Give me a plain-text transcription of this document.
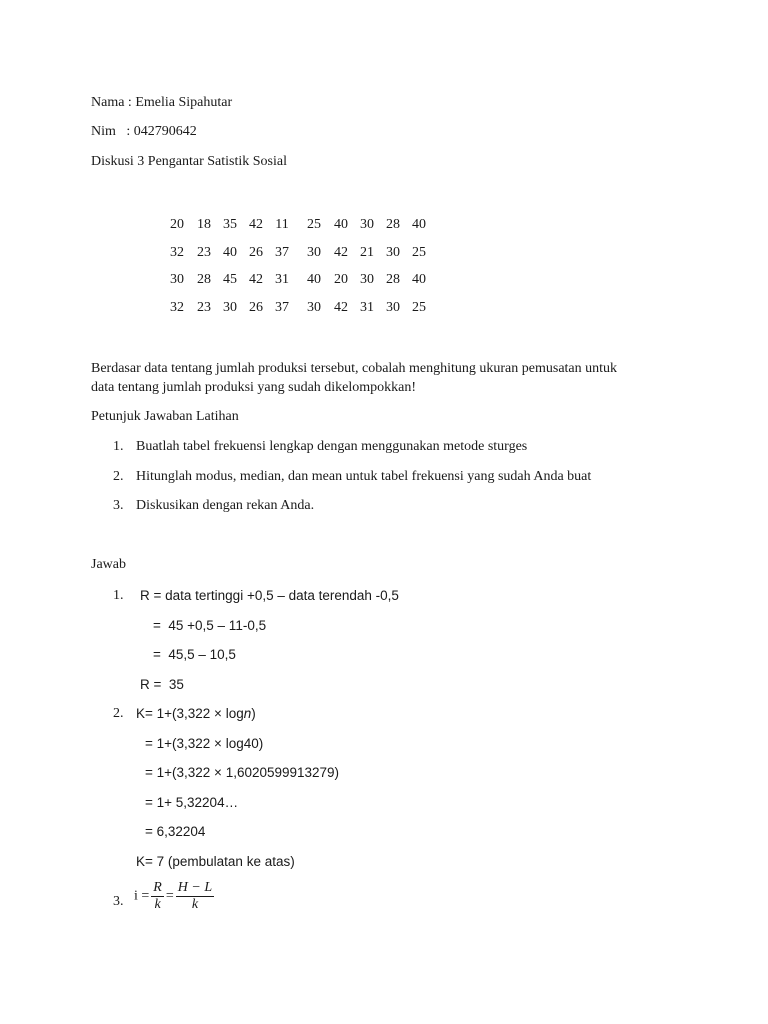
Nama : Emelia Sipahutar
Nim   : 042790642
Diskusi 3 Pengantar Satistik Sosial
20 18 35 42 11	25 40 30 28 40
32 23 40 26 37 30 42 21 30 25
30 28 45 42 31 40 20 30 28 40
32 23 30 26 37 30 42 31 30 25
Berdasar data tentang jumlah produksi tersebut, cobalah menghitung ukuran pemusatan untuk
data tentang jumlah produksi yang sudah dikelompokkan!
Petunjuk Jawaban Latihan
1. Buatlah tabel frekuensi lengkap dengan menggunakan metode sturges
2. Hitunglah modus, median, dan mean untuk tabel frekuensi yang sudah Anda buat
3. Diskusikan dengan rekan Anda.
Jawab
1. R = data tertinggi +0,5 – data terendah -0,5
=  45 +0,5 – 11-0,5
=  45,5 – 10,5
R =  35
2. K= 1+(3,322 × logn)
= 1+(3,322 × log40)
= 1+(3,322 × 1,6020599913279)
= 1+ 5,32204…
= 6,32204
K= 7 (pembulatan ke atas)
3. $i = \frac{R}{k} = \frac{H - L}{k}$
